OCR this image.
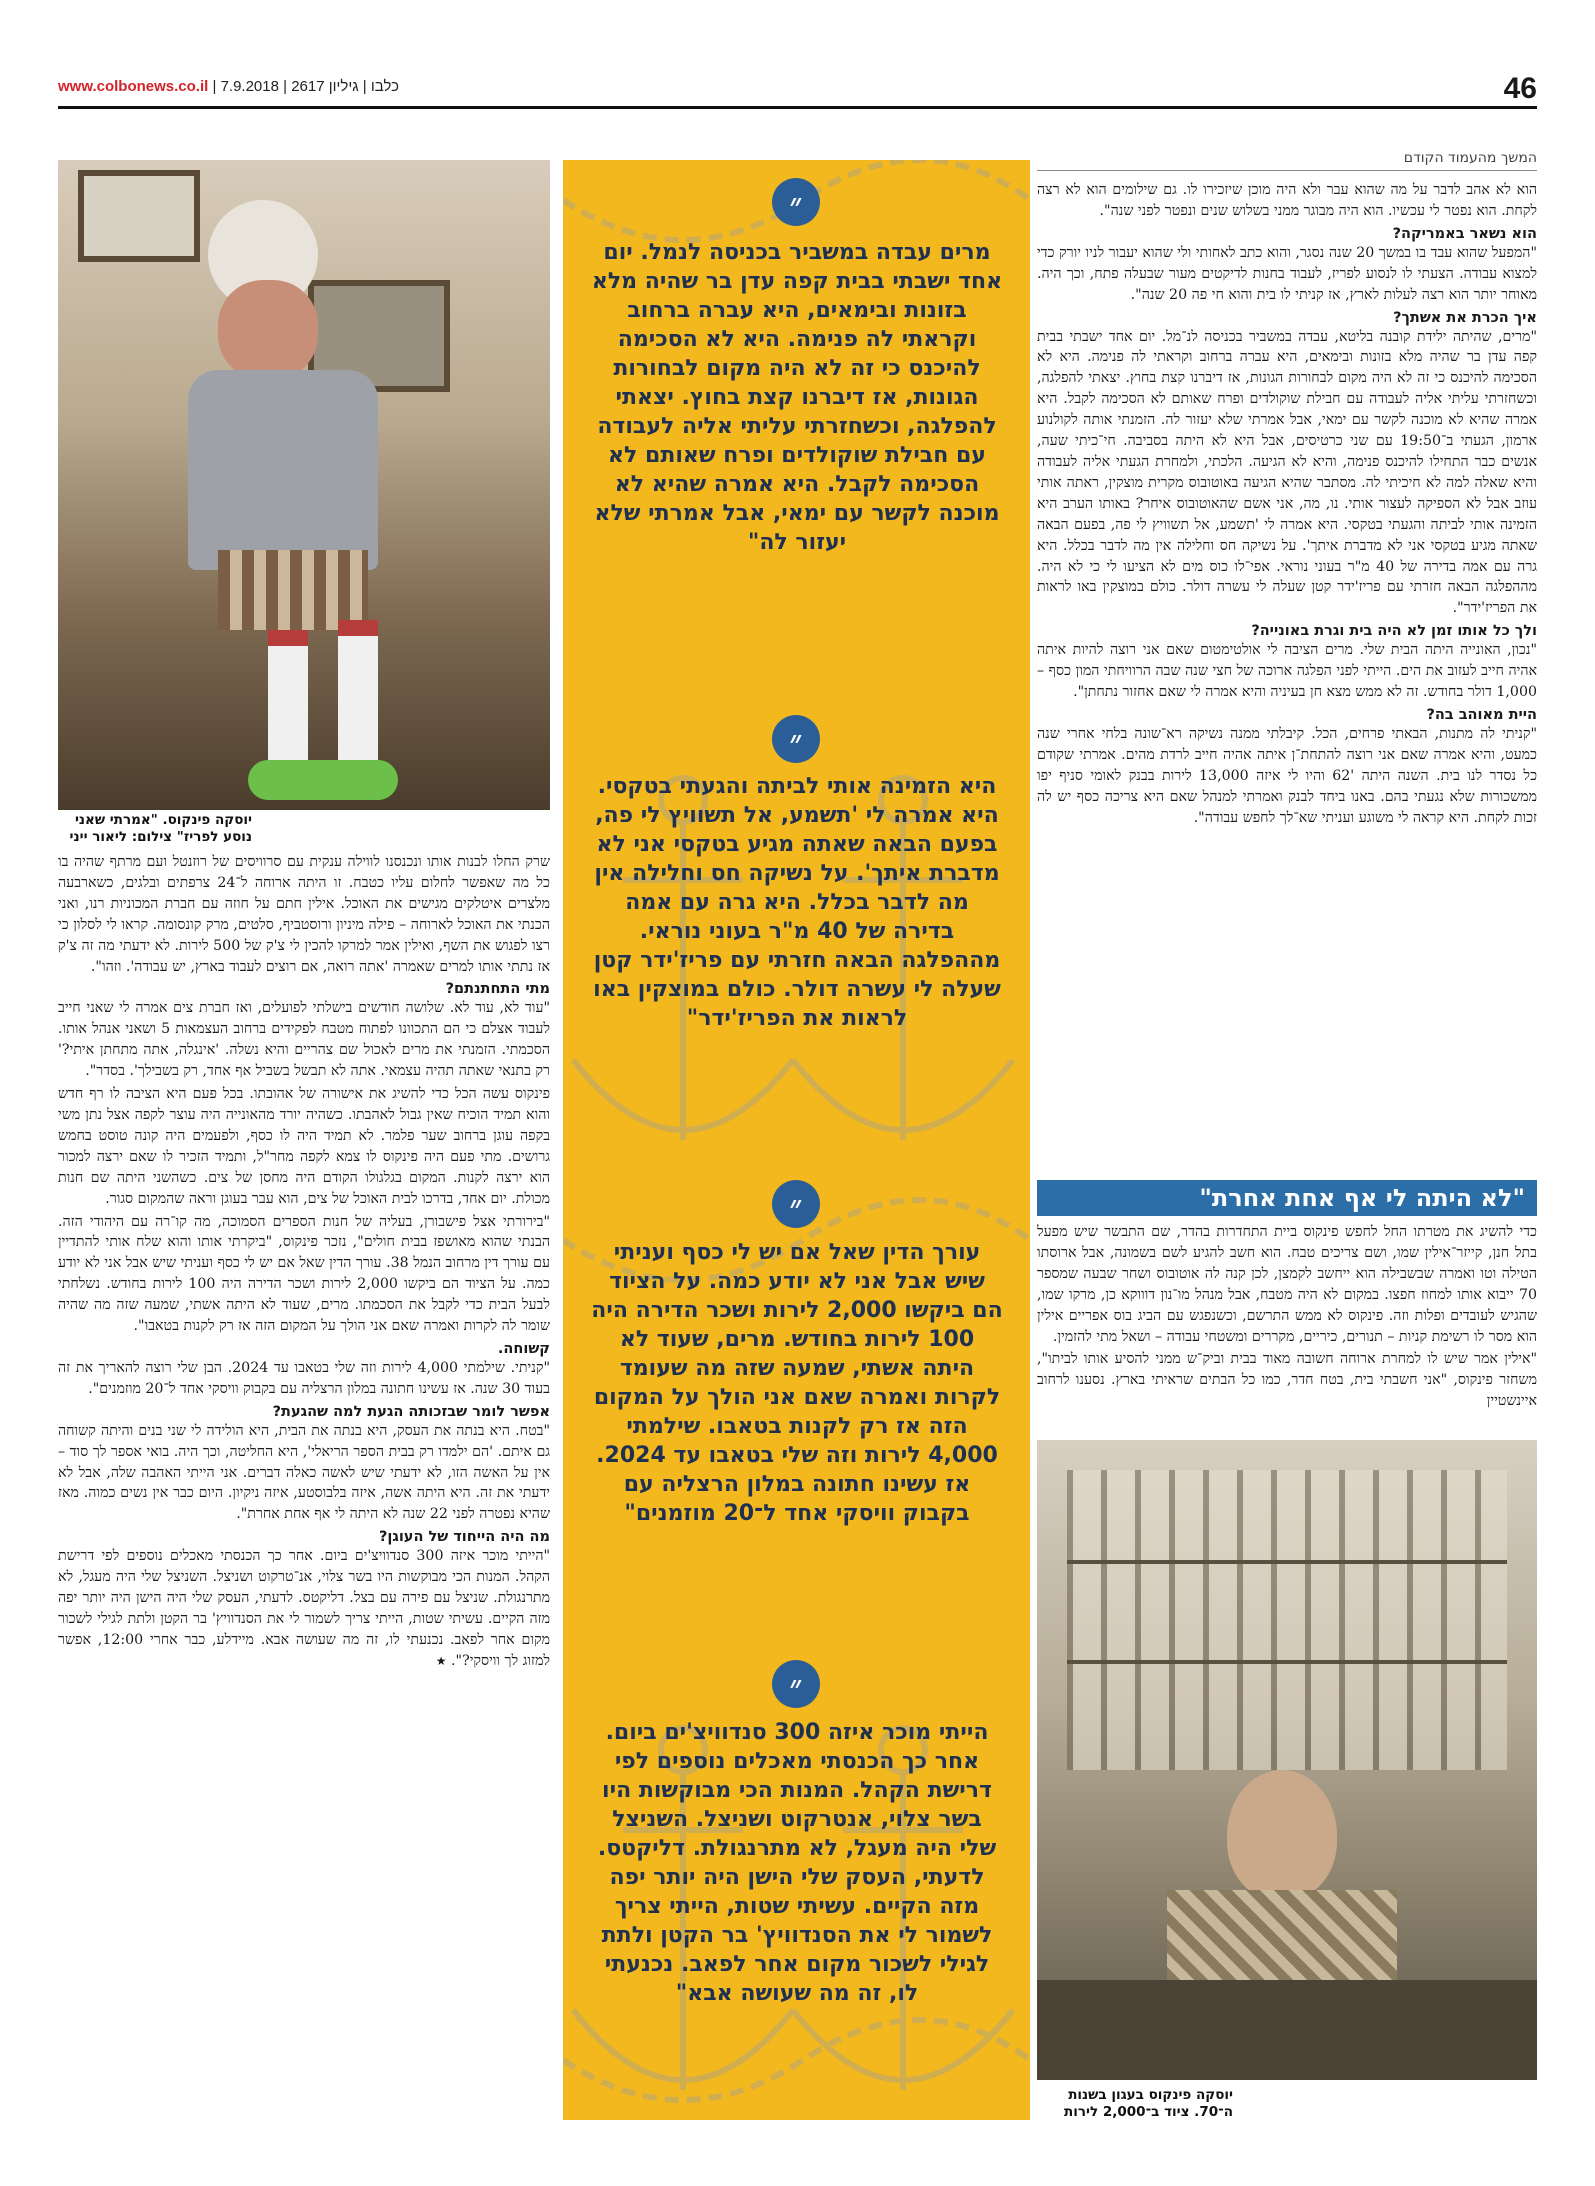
46
www.colbonews.co.il |	כלבו | גיליון 2617 | 7.9.2018
המשך מהעמוד הקודם

הוא לא אהב לדבר על מה שהוא עבר ולא היה מוכן שיזכירו לו. גם שילומים הוא לא רצה לקחת. הוא נפטר לי עכשיו. הוא היה מבוגר ממני בשלוש שנים ונפטר לפני שנה".

הוא נשאר באמריקה?

"המפעל שהוא עבד בו במשך 20 שנה נסגר, והוא כתב לאחותי ולי שהוא יעבור לניו יורק כדי למצוא עבודה. הצעתי לו לנסוע לפריז, לעבוד בחנות לדיקטים מעור שבעלה פתח, וכך היה. מאוחר יותר הוא רצה לעלות לארץ, אז קניתי לו בית והוא חי פה 20 שנה".

איך הכרת את אשתך?

"מרים, שהיתה ילידת קובנה בליטא, עבדה במשביר בכניסה לנ־מל. יום אחד ישבתי בבית קפה עדן בר שהיה מלא בזונות ובימאים, היא עברה ברחוב וקראתי לה פנימה. היא לא הסכימה להיכנס כי זה לא היה מקום לבחורות הגונות, אז דיברנו קצת בחוץ. יצאתי להפלגה, וכשחזרתי עליתי אליה לעבודה עם חבילת שוקולדים ופרח שאותם לא הסכימה לקבל. היא אמרה שהיא לא מוכנה לקשר עם ימאי, אבל אמרתי שלא יעזור לה. הזמנתי אותה לקולנוע ארמון, הגעתי ב־19:50 עם שני כרטיסים, אבל היא לא היתה בסביבה. חי־כיתי שעה, אנשים כבר התחילו להיכנס פנימה, והיא לא הגיעה. הלכתי, ולמחרת הגעתי אליה לעבודה והיא שאלה למה לא חיכיתי לה. מסתבר שהיא הגיעה באוטובוס מקרית מוצקין, ראתה אותי עוזב אבל לא הספיקה לעצור אותי. נו, מה, אני אשם שהאוטובוס איחר? באותו הערב היא הזמינה אותי לביתה והגעתי בטקסי. היא אמרה לי 'תשמע, אל תשוויץ לי פה, בפעם הבאה שאתה מגיע בטקסי אני לא מדברת איתך'. על נשיקה חס וחלילה אין מה לדבר בכלל. היא גרה עם אמה בדירה של 40 מ"ר בעוני נוראי. אפי־לו כוס מים לא הציעו לי כי לא היה. מההפלגה הבאה חזרתי עם פריז'ידר קטן שעלה לי עשרה דולר. כולם במוצקין באו לראות את הפריז'ידר".

ולך כל אותו זמן לא היה בית וגרת באונייה?

"נכון, האונייה היתה הבית שלי. מרים הציבה לי אולטימטום שאם אני רוצה להיות איתה אהיה חייב לעזוב את הים. הייתי לפני הפלגה ארוכה של חצי שנה שבה הרוויחתי המון כסף – 1,000 דולר בחודש. זה לא ממש מצא חן בעיניה והיא אמרה לי שאם אחזור נתחתן".

היית מאוהב בה?

"קניתי לה מתנות, הבאתי פרחים, הכל. קיבלתי ממנה נשיקה רא־שונה בלחי אחרי שנה כמעט, והיא אמרה שאם אני רוצה להתחת־ן איתה אהיה חייב לרדת מהים. אמרתי שקודם כל נסדר לנו בית. השנה היתה '62 והיו לי איזה 13,000 לירות בבנק לאומי סניף יפו ממשכורות שלא נגעתי בהם. באנו ביחד לבנק ואמרתי למנהל שאם היא צריכה כסף יש לה זכות לקחת. היא קראה לי משוגע ועניתי שא־לך לחפש עבודה".

"לא היתה לי אף אחת אחרת"

כדי להשיג את מטרתו החל לחפש פינקוס ביית התחדרות בהדר, שם התבשר שיש מפעל בתל חנן, קייזר־אילין שמו, ושם צריכים טבח. הוא חשב להגיע לשם בשמונה, אבל ארוסתו הטילה וטו ואמרה שבשבילה הוא ייחשב לקמצן, לכן קנה לה אוטובוס ושחר שבעה שמספר 70 ייבוא אותו למחוז חפצו. במקום לא היה מטבח, אבל מנהל מו־נון דוווקא כן, מרקו שמו, שהגיש לעובדים ופלות וזה. פינקוס לא ממש התרשם, וכשנפגש עם הביג בוס אפריים אילין הוא מסר לו רשימת קניות – תנורים, כיריים, מקררים ומשטחי עבודה – ושאל מתי להזמין.

"אילין אמר שיש לו למחרת ארוחה חשובה מאוד בבית וביק־ש ממני להסיע אותו לביתו", משחזר פינקוס, "אני חשבתי בית, בטח חדר, כמו כל הבתים שראיתי בארץ. נסענו לרחוב איינשטיין

יוסקה פינקוס בעגון בשנות ה־70. ציוד ב־2,000 לירות
״
מרים עבדה במשביר בכניסה לנמל. יום אחד ישבתי בבית קפה עדן בר שהיה מלא בזונות ובימאים, היא עברה ברחוב וקראתי לה פנימה. היא לא הסכימה להיכנס כי זה לא היה מקום לבחורות הגונות, אז דיברנו קצת בחוץ. יצאתי להפלגה, וכשחזרתי עליתי אליה לעבודה עם חבילת שוקולדים ופרח שאותם לא הסכימה לקבל. היא אמרה שהיא לא מוכנה לקשר עם ימאי, אבל אמרתי שלא יעזור לה"
״
היא הזמינה אותי לביתה והגעתי בטקסי. היא אמרה לי 'תשמע, אל תשוויץ לי פה, בפעם הבאה שאתה מגיע בטקסי אני לא מדברת איתך'. על נשיקה חס וחלילה אין מה לדבר בכלל. היא גרה עם אמה בדירה של 40 מ"ר בעוני נוראי. מההפלגה הבאה חזרתי עם פריז'ידר קטן שעלה לי עשרה דולר. כולם במוצקין באו לראות את הפריז'ידר"
״
עורך הדין שאל אם יש לי כסף ועניתי שיש אבל אני לא יודע כמה. על הציוד הם ביקשו 2,000 לירות ושכר הדירה היה 100 לירות בחודש. מרים, שעוד לא היתה אשתי, שמעה שזה מה שעומד לקרות ואמרה שאם אני הולך על המקום הזה אז רק לקנות בטאבו. שילמתי 4,000 לירות וזה שלי בטאבו עד 2024. אז עשינו חתונה במלון הרצליה עם בקבוק וויסקי אחד ל־20 מוזמנים"
״
הייתי מוכר איזה 300 סנדוויצ'ים ביום. אחר כך הכנסתי מאכלים נוספים לפי דרישת הקהל. המנות הכי מבוקשות היו בשר צלוי, אנטרקוט ושניצל. השניצל שלי היה מעגל, לא מתרנגולת. דליקטס. לדעתי, העסק שלי הישן היה יותר יפה מזה הקיים. עשיתי שטות, הייתי צריך לשמור לי את הסנדוויץ' בר הקטן ולתת לגילי לשכור מקום אחר לפאב. נכנעתי לו, זה מה שעושה אבא"
יוסקה פינקוס. "אמרתי שאני נוסע לפריז" צילום: ליאור ייני

שרק החלו לבנות אותו ונכנסנו לווילה ענקית עם סרוויסים של רוזנטל ועם מרתף שהיה בו כל מה שאפשר לחלום עליו כטבח. זו היתה ארוחה ל־24 צרפתים ובלגים, כשארבעה מלצרים איטלקים מגישים את האוכל. אילין חתם על חוזה עם חברת המכוניות רנו, ואני הכנתי את האוכל לארוחה – פילה מיניון ורוסטביף, סלטים, מרק קונסומה. קראו לי לסלון כי רצו לפגוש את השף, ואילין אמר למרקו להכין לי צ'ק של 500 לירות. לא ידעתי מה זה צ'ק אז נתתי אותו למרים שאמרה 'אתה רואה, אם רוצים לעבוד בארץ, יש עבודה'. וזהו".

מתי התחתנתם?

"עוד לא, עוד לא. שלושה חודשים בישלתי לפועלים, ואז חברת צים אמרה לי שאני חייב לעבוד אצלם כי הם התכוונו לפתוח מטבח לפקידים ברחוב העצמאות 5 ושאני אנהל אותו. הסכמתי. הזמנתי את מרים לאכול שם צהריים והיא נשלה. 'אינגלה, אתה מתחתן איתי?' רק בתנאי שאתה תהיה עצמאי. אתה לא תבשל בשביל אף אחד, רק בשבילך'. בסדר".

פינקוס עשה הכל כדי להשיג את אישורה של אהובתו. בכל פעם היא הציבה לו רף חדש והוא תמיד הוכיח שאין גבול לאהבתו. כשהיה יורד מהאונייה היה עוצר לקפה אצל נתן משי בקפה עוגן ברחוב שער פלמר. לא תמיד היה לו כסף, ולפעמים היה קונה טוסט בחמש גרושים. מתי פעם היה פינקוס לו צמא לקפה מחר"ל, ותמיד הזכיר לו שאם ירצה למכור הוא ירצה לקנות. המקום בגלגולו הקודם היה מחסן של צים. כשהשני היתה שם חנות מכולת. יום אחד, בדרכו לבית האוכל של צים, הוא עבר בעוגן וראה שהמקום סגור.

"בירורתי אצל פישבורן, בעליה של חנות הספרים הסמוכה, מה קו־רה עם היהודי הזה. הבנתי שהוא מאושפז בבית חולים", נזכר פינקוס, "ביקרתי אותו והוא שלח אותי להתדיין עם עורך דין מרחוב הנמל 38. עורך הדין שאל אם יש לי כסף ועניתי שיש אבל אני לא יודע כמה. על הציוד הם ביקשו 2,000 לירות ושכר הדירה היה 100 לירות בחודש. נשלחתי לבעל הבית כדי לקבל את הסכמתו. מרים, שעוד לא היתה אשתי, שמעה שזה מה שהיה שומר לה לקרות ואמרה שאם אני הולך על המקום הזה אז רק לקנות בטאבו".

קשוחה.

"קניתי. שילמתי 4,000 לירות וזה שלי בטאבו עד 2024. הבן שלי רוצה להאריך את זה בעוד 30 שנה. אז עשינו חתונה במלון הרצליה עם בקבוק וויסקי אחד ל־20 מוזמנים".

אפשר לומר שבזכותה הגעת למה שהגעת?

"בטח. היא בנתה את העסק, היא בנתה את הבית, היא הולידה לי שני בנים והיתה קשוחה גם איתם. 'הם ילמדו רק בבית הספר הריאלי', היא החליטה, וכך היה. בואי אספר לך סוד – אין על האשה הזו, לא ידעתי שיש לאשה כאלה דברים. אני הייתי האהבה שלה, אבל לא ידעתי את זה. היא היתה אשה, איזה בלבוסטע, איזה ניקיון. היום כבר אין נשים כמוה. מאז שהיא נפטרה לפני 22 שנה לא היתה לי אף אחת אחרת".

מה היה הייחוד של העוגן?

"הייתי מוכר איזה 300 סנדוויצ'ים ביום. אחר כך הכנסתי מאכלים נוספים לפי דרישת הקהל. המנות הכי מבוקשות היו בשר צלוי, אנ־טרקוט ושניצל. השניצל שלי היה מעגל, לא מתרנגולת. שניצל עם פירה עם בצל. דליקטס. לדעתי, העסק שלי היה הישן היה יותר יפה מזה הקיים. עשיתי שטות, הייתי צריך לשמור לי את הסנדוויץ' בר הקטן ולתת לגילי לשכור מקום אחר לפאב. נכנעתי לו, זה מה שעושה אבא. מיידלע, כבר אחרי 12:00, אפשר למזוג לך וויסקי?". ★
